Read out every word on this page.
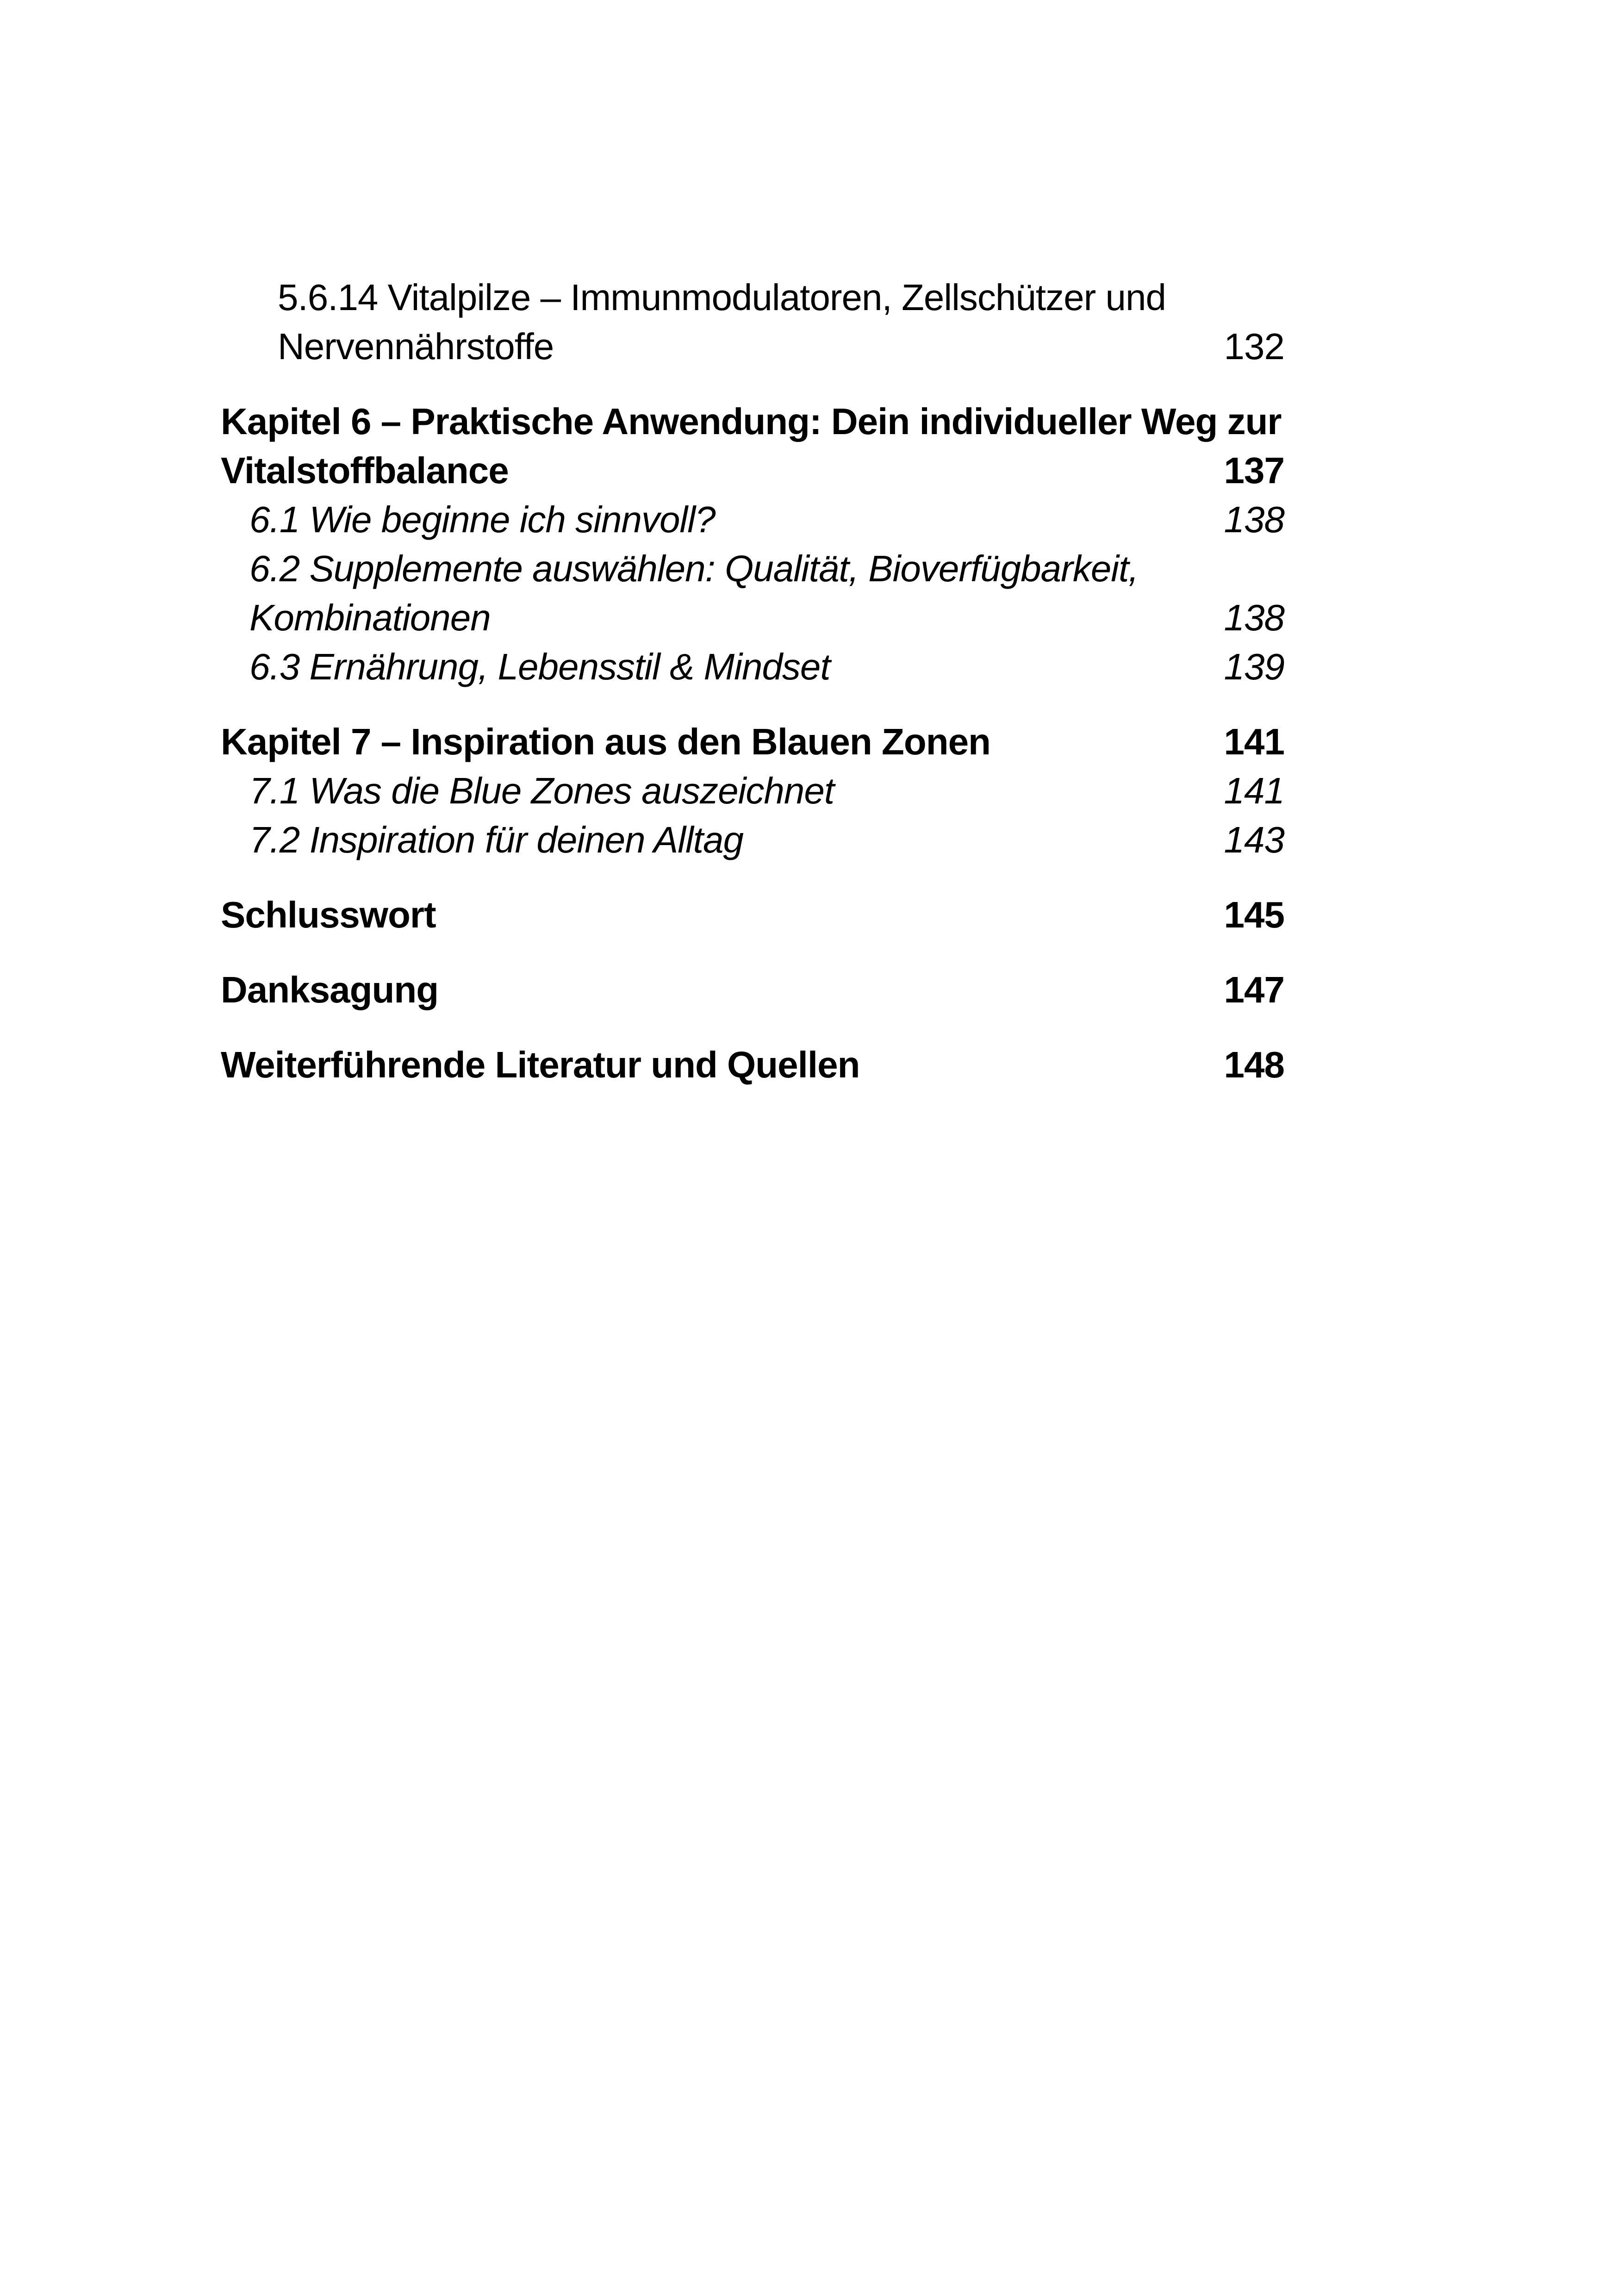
5.6.14 Vitalpilze – Immunmodulatoren, Zellschützer und
Nervennährstoffe	132
Kapitel 6 – Praktische Anwendung: Dein individueller Weg zur
Vitalstoffbalance	137
6.1 Wie beginne ich sinnvoll?	138
6.2 Supplemente auswählen: Qualität, Bioverfügbarkeit,
Kombinationen	138
6.3 Ernährung, Lebensstil & Mindset	139
Kapitel 7 – Inspiration aus den Blauen Zonen	141
7.1 Was die Blue Zones auszeichnet	141
7.2 Inspiration für deinen Alltag	143
Schlusswort	145
Danksagung	147
Weiterführende Literatur und Quellen	148
